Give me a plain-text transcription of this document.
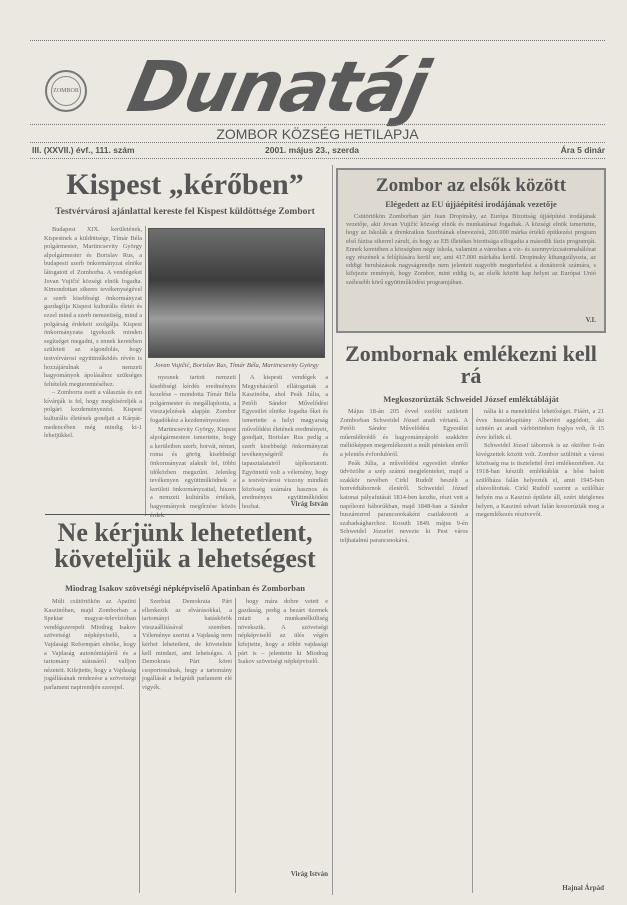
ZOMBOR Dunatáj
ZOMBOR KÖZSÉG HETILAPJA
III. (XXVII.) évf., 111. szám	2001. május 23., szerda	Ára 5 dinár
Kispest „kérőben”
Testvérvárosi ajánlattal kereste fel Kispest küldöttsége Zombort

Budapest XIX. kerületének, Kispestnek a küldöttsége, Tímár Béla polgármester, Martincsevity György alpolgármester és Borislav Rus, a budapesti szerb önkormányzat elnöke látogatott el Zomborba. A vendégeket Jovan Vujičić községi elnök fogadta. Kimondottan sikeres tevékenységével a szerb kisebbségi önkormányzat gazdagítja Kispest kulturális életét és ezzel mind a szerb nemzetiség, mind a polgárság érdekeit szolgálja. Kispest önkormányzata igyekszik minden segítséget megadni, s ennek keretében született az elgondolás, hogy testvérvárosi együttműködés révén is hozzájárulnak a nemzeti hagyományok ápolásához szükséges feltételek megteremtéséhez.

– Zomborra esett a választás és ezt kívánják is fel, hogy megkíséreljék a polgári kezdeményezést. Kispest kulturális életének gondjait a Kárpát-medencében még mindig ki-1 lehetjükkel.

Jovan Vujičić, Borislav Rus, Tímár Béla, Martincsevity György

nyesnek tartott nemzeti kisebbségi kérdés eredményes kezelése – mondotta Tímár Béla polgármester és megállapította, a visszajelzések alapján Zombor fogadókész a kezdeményezésre.

Martincsevity György, Kispest alpolgármestere ismertette, hogy a kerületben szerb, horvát, német, roma és görög kisebbségi önkormányzat alakult fel, többi időközben megszűnt. Jelenleg tevékenyen együttműködnek a kerületi önkormányzattal, hiszen a nemzeti kultúrális értékek, hagyományok megőrzése közös érdek.

A kispesti vendégek a Megyeházáról ellátogattak a Kaszinóba, ahol Peák Júlia, a Petőfi Sándor Művelődési Egyesület elnöke fogadta őket és ismertette a helyi magyarság művelődési életének eredményeit, gondjait, Borislav Rus pedig a szerb kisebbségi önkormányzat tevékenységéről és tapasztalatairól tájékoztatott. Egyöntetű volt a vélemény, hogy a testvérvárosi viszony mindkét közösség számára hasznos és eredményes együttműködést hozhat.	Virág István
Zombor az elsők között
Elégedett az EU újjáépítési irodájának vezetője

Csütörtökön Zomborban járt Jean Dropinsky, az Európa Bizottság újjáépítési irodájának vezetője, akit Jovan Vujičić községi elnök és munkatársai fogadtak. A községi elnök ismertette, hogy az Iskolák a drenkraikus Szerbiának elnevezésű, 200.000 márka értékű építkezési program első fázisa sikerrel zárult, és hogy az EB illetékes bizottsága elfogadta a második fázis programját. Ennek keretében a községben négy iskola, valamint a városban a víz- és szennyvízcsatornahálózat egy részének a felújítására kerül sor, ami 417.000 márkába kerül. Dropinsky kihangsúlyozta, az eddigi beruházások nagyságrendje nem jelentett nagyobb megterhelést a donátorok számára, s kifejezte reményét, hogy Zombor, mint eddig is, az elsők között kap helyet az Európai Unió szélesebb körű együttműködési programjában.

V.I.
Zombornak emlékezni kell rá
Megkoszorúzták Schweidel József emléktábláját

Május 18-án 205 évvel ezelőtt született Zomborban Schweidel József aradi vértanú. A Petőfi Sándor Művelődési Egyesület műemlékvédő és hagyományápoló szakköre méltóképpen megemlékezett a múlt pénteken erről a jelentős évfordulóról.

Peák Júlia, a művelődési egyesület elnöke üdvözölte a szép számú megjelenteket, majd a szakkör nevében Cirkl Rudolf beszélt a honvédtábornok életéről. Schweidel József katonai pályafutását 1814-ben kezdte, részt vett a napóleoni háborúkban, majd 1848-ban a Sándor huszárezred parancsnokaként csatlakozott a szabadságharchoz. Kosuth 1849. május 9-én Schweidel Józsefet nevezte ki Pest város teljhatalmú parancsnokává.

nálta ki a menekülési lehetőséget. Fiáért, a 21 éves huszárkapitány Albertért aggódott, aki szintén az aradi várbörtönben foglya volt, őt 15 évre ítélték el.

Schweidel József tábornok is az október 6-án kivégzettek között volt. Zombor szülöttét a városi közösség ma is tisztelettel őrzi emlékezetében. Az 1918-ban készült emléktáblát a hősi halott szülőháza falán helyezték el, amit 1945-ben eltávolítottak. Cirkl Rudolf szerint a szülőház helyén ma a Kaszinó épülete áll, ezért ideiglenes helyen, a Kaszinó udvari falán koszorúzták meg a megemlékezés résztvevői.

Hajnal Árpád
Ne kérjünk lehetetlent, követeljük a lehetségest
Miodrag Isakov szövetségi népképviselő Apatinban és Zomborban

Múlt csütörtökön az Apatini Kaszinóban, majd Zomborban a Spektar magyar-televízióban vendégszerepelt Miodrag Isakov szövetségi népképviselő, a Vajdasági Reformpárt elnöke, hogy a Vajdaság autonómiájáról és a tartomány státusáról valljon nézeteit. Kifejtette, hogy a Vajdaság jogállásának rendezése a szövetségi parlament napirendjén szerepel.

Szerbiai Demokrata Párt ellenkezik az elvárásokkal, a tartományi hatáskörök visszaállításával szemben. Véleménye szerint a Vajdaság nem kérhet lehetetlent, de követelnie kell mindazt, ami lehetséges. A Demokrata Párt körei csoportosulnak, hogy a tartomány jogállását a belgrádi parlament elé vigyék.

hogy mára dobre vetett e gazdaság, pedig a bezárt üzemek miatt a munkanélküliség növekszik. A szövetségi népképviselő az ülés végén kifejtette, hogy a többi vajdasági párt is – jelentette ki Miodrag Isakov szövetségi népképviselő.

Virág István
